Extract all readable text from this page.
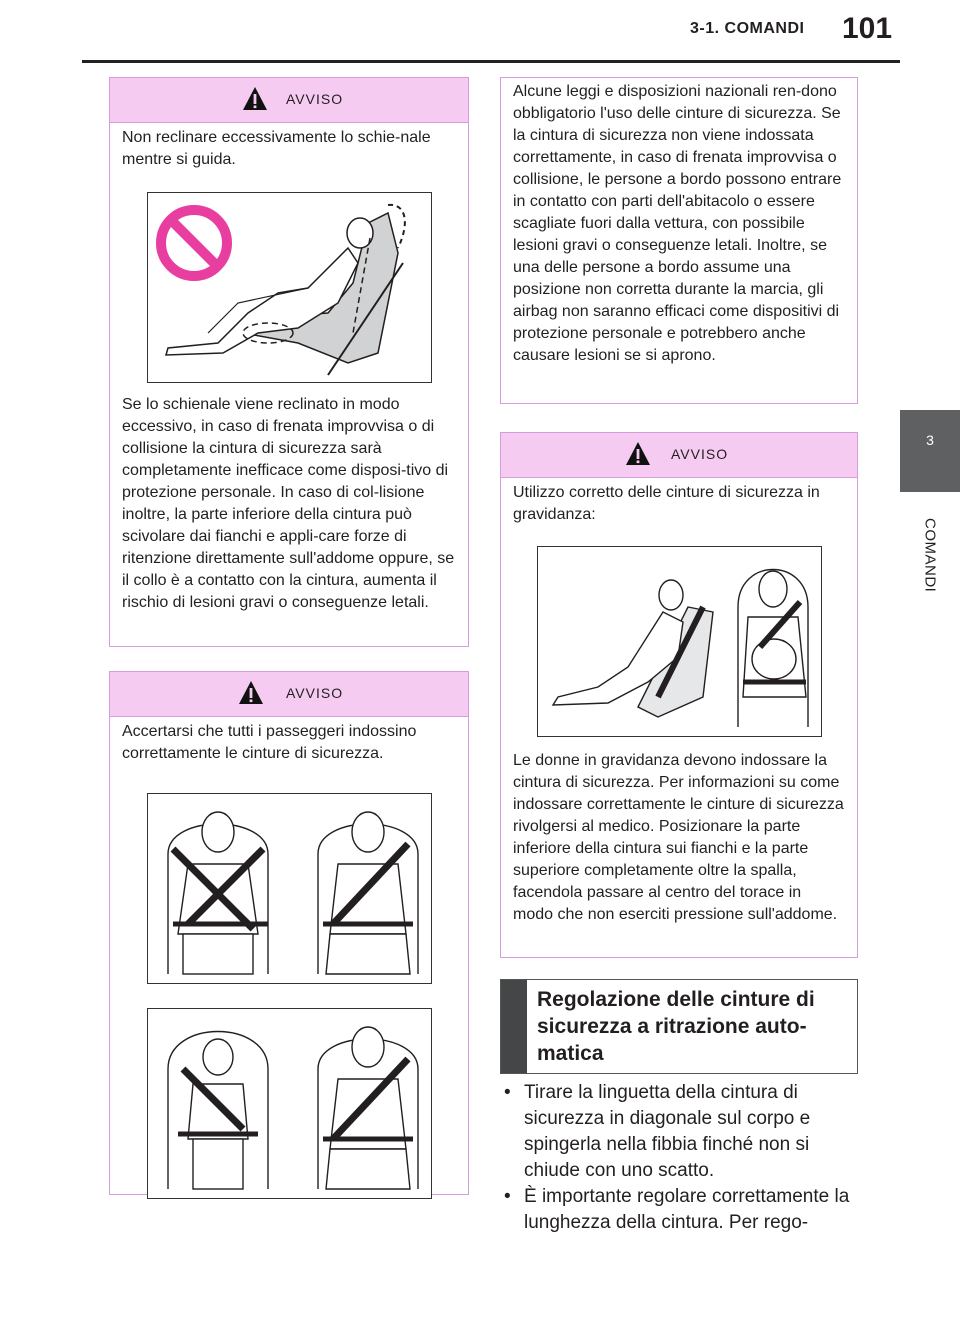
3-1. COMANDI 101
3
COMANDI
AVVISO

Non reclinare eccessivamente lo schie-nale mentre si guida.

Se lo schienale viene reclinato in modo eccessivo, in caso di frenata improvvisa o di collisione la cintura di sicurezza sarà completamente inefficace come disposi-tivo di protezione personale. In caso di col-lisione inoltre, la parte inferiore della cintura può scivolare dai fianchi e appli-care forze di ritenzione direttamente sull'addome oppure, se il collo è a contatto con la cintura, aumenta il rischio di lesioni gravi o conseguenze letali.

AVVISO

Accertarsi che tutti i passeggeri indossino correttamente le cinture di sicurezza.

Alcune leggi e disposizioni nazionali ren-dono obbligatorio l'uso delle cinture di sicurezza. Se la cintura di sicurezza non viene indossata correttamente, in caso di frenata improvvisa o collisione, le persone a bordo possono entrare in contatto con parti dell'abitacolo o essere scagliate fuori dalla vettura, con possibile lesioni gravi o conseguenze letali. Inoltre, se una delle persone a bordo assume una posizione non corretta durante la marcia, gli airbag non saranno efficaci come dispositivi di protezione personale e potrebbero anche causare lesioni se si aprono.

AVVISO

Utilizzo corretto delle cinture di sicurezza in gravidanza:

Le donne in gravidanza devono indossare la cintura di sicurezza. Per informazioni su come indossare correttamente le cinture di sicurezza rivolgersi al medico. Posizionare la parte inferiore della cintura sui fianchi e la parte superiore completamente oltre la spalla, facendola passare al centro del torace in modo che non eserciti pressione sull'addome.

Regolazione delle cinture di sicurezza a ritrazione auto-matica
• Tirare la linguetta della cintura di sicurezza in diagonale sul corpo e spingerla nella fibbia finché non si chiude con uno scatto.
• È importante regolare correttamente la lunghezza della cintura. Per rego-
